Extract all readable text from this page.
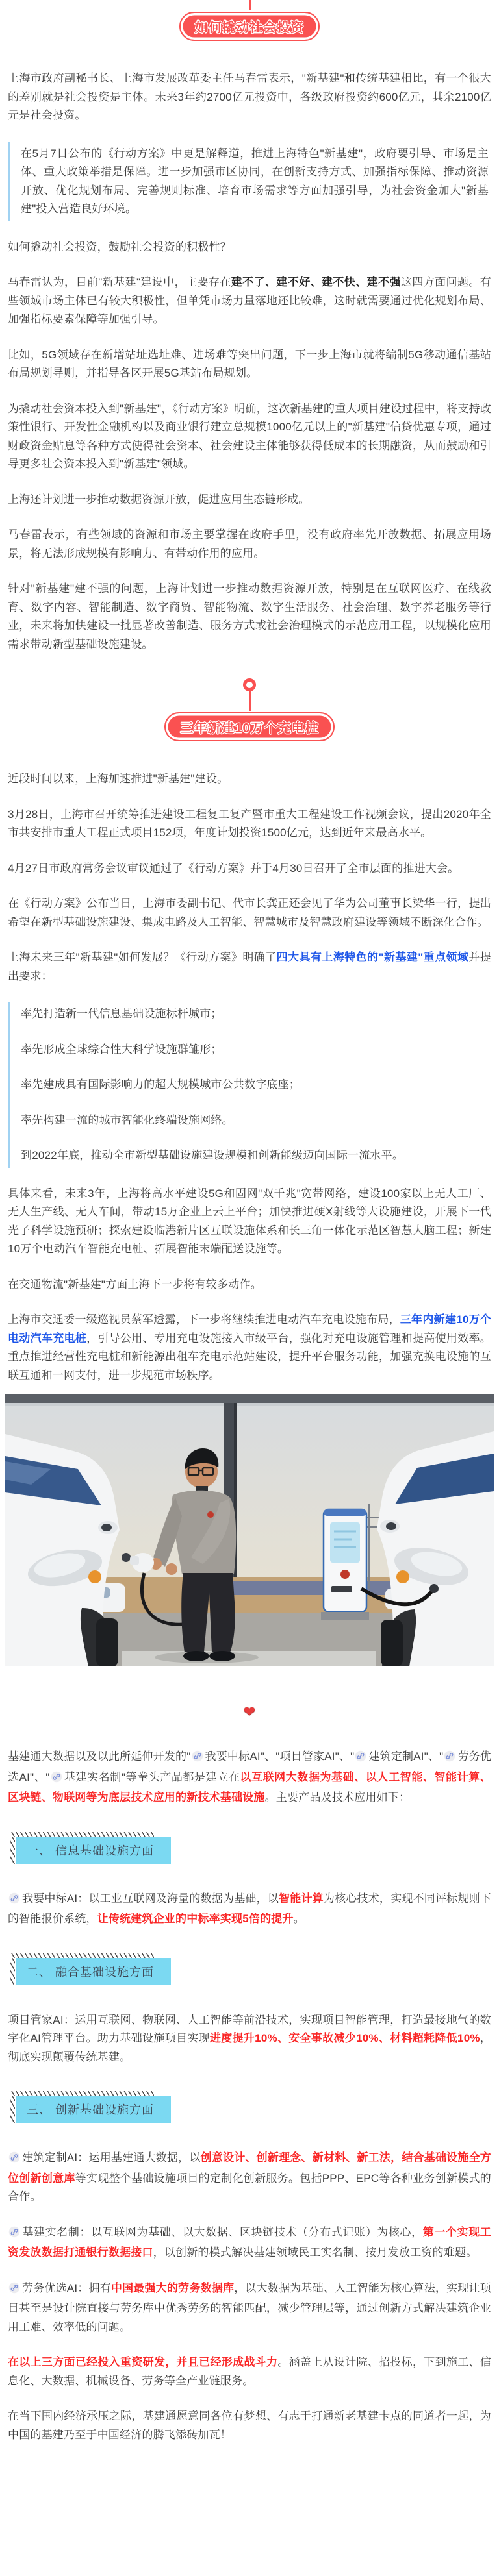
如何撬动社会投资

上海市政府副秘书长、上海市发展改革委主任马春雷表示，"新基建"和传统基建相比，有一个很大的差别就是社会投资是主体。未来3年约2700亿元投资中，各级政府投资约600亿元，其余2100亿元是社会投资。

在5月7日公布的《行动方案》中更是解释道，推进上海特色"新基建"，政府要引导、市场是主体、重大政策举措是保障。进一步加强市区协同，在创新支持方式、加强指标保障、推动资源开放、优化规划布局、完善规则标准、培育市场需求等方面加强引导，为社会资金加大"新基建"投入营造良好环境。

如何撬动社会投资，鼓励社会投资的积极性？

马春雷认为，目前"新基建"建设中，主要存在建不了、建不好、建不快、建不强这四方面问题。有些领域市场主体已有较大积极性，但单凭市场力量落地还比较难，这时就需要通过优化规划布局、加强指标要素保障等加强引导。

比如，5G领域存在新增站址选址难、进场难等突出问题，下一步上海市就将编制5G移动通信基站布局规划导则，并指导各区开展5G基站布局规划。

为撬动社会资本投入到"新基建"，《行动方案》明确，这次新基建的重大项目建设过程中，将支持政策性银行、开发性金融机构以及商业银行建立总规模1000亿元以上的"新基建"信贷优惠专项，通过财政资金贴息等各种方式使得社会资本、社会建设主体能够获得低成本的长期融资，从而鼓励和引导更多社会资本投入到"新基建"领域。

上海还计划进一步推动数据资源开放，促进应用生态链形成。

马春雷表示，有些领域的资源和市场主要掌握在政府手里，没有政府率先开放数据、拓展应用场景，将无法形成规模有影响力、有带动作用的应用。

针对"新基建"建不强的问题，上海计划进一步推动数据资源开放，特别是在互联网医疗、在线教育、数字内容、智能制造、数字商贸、智能物流、数字生活服务、社会治理、数字养老服务等行业，未来将加快建设一批显著改善制造、服务方式或社会治理模式的示范应用工程，以规模化应用需求带动新型基础设施建设。

三年新建10万个充电桩

近段时间以来，上海加速推进"新基建"建设。

3月28日，上海市召开统筹推进建设工程复工复产暨市重大工程建设工作视频会议，提出2020年全市共安排市重大工程正式项目152项，年度计划投资1500亿元，达到近年来最高水平。

4月27日市政府常务会议审议通过了《行动方案》并于4月30日召开了全市层面的推进大会。

在《行动方案》公布当日，上海市委副书记、代市长龚正还会见了华为公司董事长梁华一行，提出希望在新型基础设施建设、集成电路及人工智能、智慧城市及智慧政府建设等领域不断深化合作。

上海未来三年"新基建"如何发展？《行动方案》明确了四大具有上海特色的"新基建"重点领域并提出要求：

率先打造新一代信息基础设施标杆城市；

率先形成全球综合性大科学设施群雏形；

率先建成具有国际影响力的超大规模城市公共数字底座；

率先构建一流的城市智能化终端设施网络。

到2022年底，推动全市新型基础设施建设规模和创新能级迈向国际一流水平。

具体来看，未来3年，上海将高水平建设5G和固网"双千兆"宽带网络，建设100家以上无人工厂、无人生产线、无人车间，带动15万企业上云上平台；加快推进硬X射线等大设施建设，开展下一代光子科学设施预研；探索建设临港新片区互联设施体系和长三角一体化示范区智慧大脑工程；新建10万个电动汽车智能充电桩、拓展智能末端配送设施等。

在交通物流"新基建"方面上海下一步将有较多动作。

上海市交通委一级巡视员蔡军透露，下一步将继续推进电动汽车充电设施布局，三年内新建10万个电动汽车充电桩，引导公用、专用充电设施接入市级平台，强化对充电设施管理和提高使用效率。重点推进经营性充电桩和新能源出租车充电示范站建设，提升平台服务功能，加强充换电设施的互联互通和一网支付，进一步规范市场秩序。

❤

基建通大数据以及以此所延伸开发的" 我要中标AI"、"项目管家AI"、" 建筑定制AI"、" 劳务优选AI"、" 基建实名制"等拳头产品都是建立在以互联网大数据为基础、以人工智能、智能计算、区块链、物联网等为底层技术应用的新技术基础设施。主要产品及技术应用如下：

一、 信息基础设施方面

我要中标AI：以工业互联网及海量的数据为基础，以智能计算为核心技术，实现不同评标规则下的智能报价系统，让传统建筑企业的中标率实现5倍的提升。

二、 融合基础设施方面

项目管家AI：运用互联网、物联网、人工智能等前沿技术，实现项目智能管理，打造最接地气的数字化AI管理平台。助力基础设施项目实现进度提升10%、安全事故减少10%、材料超耗降低10%，彻底实现颠覆传统基建。

三、 创新基础设施方面

建筑定制AI：运用基建通大数据，以创意设计、创新理念、新材料、新工法，结合基础设施全方位创新创意库等实现整个基础设施项目的定制化创新服务。包括PPP、EPC等各种业务创新模式的合作。

基建实名制：以互联网为基础、以大数据、区块链技术（分布式记账）为核心，第一个实现工资发放数据打通银行数据接口，以创新的模式解决基建领域民工实名制、按月发放工资的难题。

劳务优选AI：拥有中国最强大的劳务数据库，以大数据为基础、人工智能为核心算法，实现让项目甚至是设计院直接与劳务库中优秀劳务的智能匹配，减少管理层等，通过创新方式解决建筑企业用工难、效率低的问题。

在以上三方面已经投入重资研发，并且已经形成战斗力。涵盖上从设计院、招投标，下到施工、信息化、大数据、机械设备、劳务等全产业链服务。

在当下国内经济承压之际，基建通愿意同各位有梦想、有志于打通新老基建卡点的同道者一起，为中国的基建乃至于中国经济的腾飞添砖加瓦！
